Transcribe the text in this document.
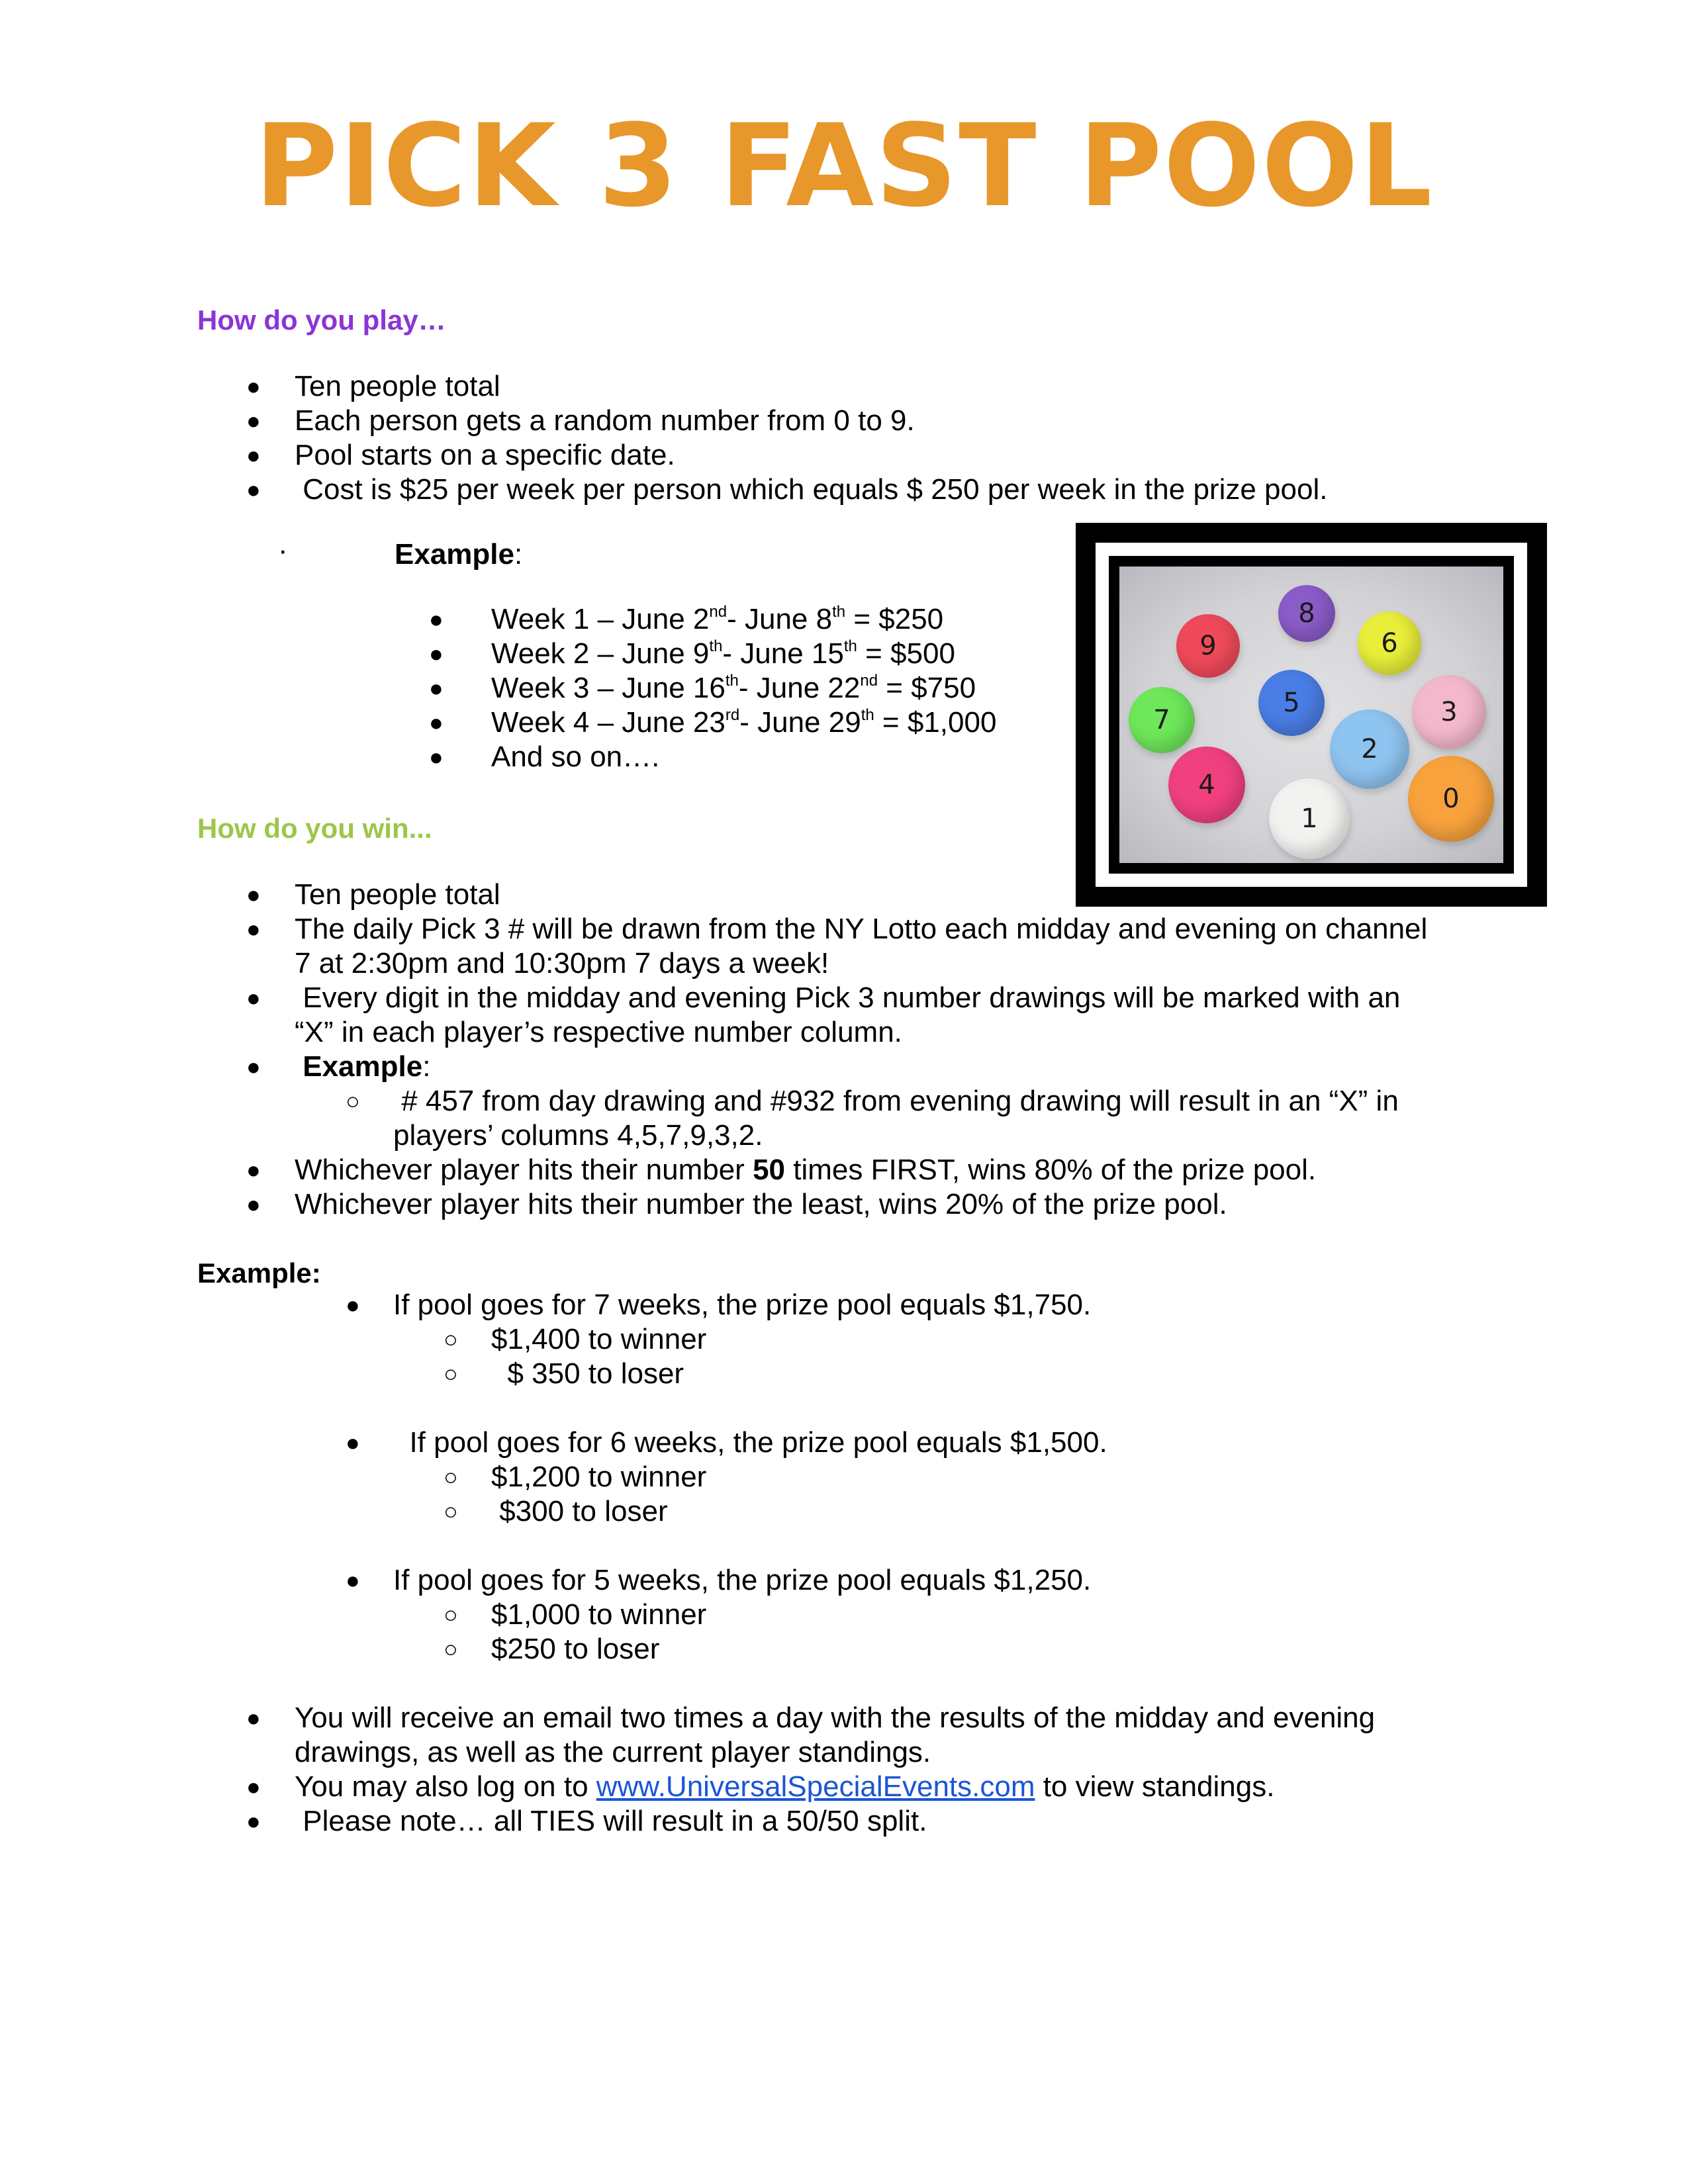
PICK 3 FAST POOL
How do you play…
● Ten people total
● Each person gets a random number from 0 to 9.
● Pool starts on a specific date.
● Cost is $25 per week per person which equals $ 250 per week in the prize pool.
·	Example:
● Week 1 – June 2nd- June 8th = $250
● Week 2 – June 9th- June 15th = $500
● Week 3 – June 16th- June 22nd = $750
● Week 4 – June 23rd- June 29th = $1,000
● And so on….
8
9	6
7
5	3
2
4
1
0
How do you win...
● Ten people total
● The daily Pick 3 # will be drawn from the NY Lotto each midday and evening on channel
7 at 2:30pm and 10:30pm 7 days a week!
● Every digit in the midday and evening Pick 3 number drawings will be marked with an
“X” in each player’s respective number column.
● Example:
○ # 457 from day drawing and #932 from evening drawing will result in an “X” in
players’ columns 4,5,7,9,3,2.
● Whichever player hits their number 50 times FIRST, wins 80% of the prize pool.
● Whichever player hits their number the least, wins 20% of the prize pool.
Example:
● If pool goes for 7 weeks, the prize pool equals $1,750.
○ $1,400 to winner
○ $ 350 to loser
● If pool goes for 6 weeks, the prize pool equals $1,500.
○ $1,200 to winner
○ $300 to loser
● If pool goes for 5 weeks, the prize pool equals $1,250.
○ $1,000 to winner
○ $250 to loser
● You will receive an email two times a day with the results of the midday and evening
drawings, as well as the current player standings.
● You may also log on to www.UniversalSpecialEvents.com to view standings.
● Please note… all TIES will result in a 50/50 split.
